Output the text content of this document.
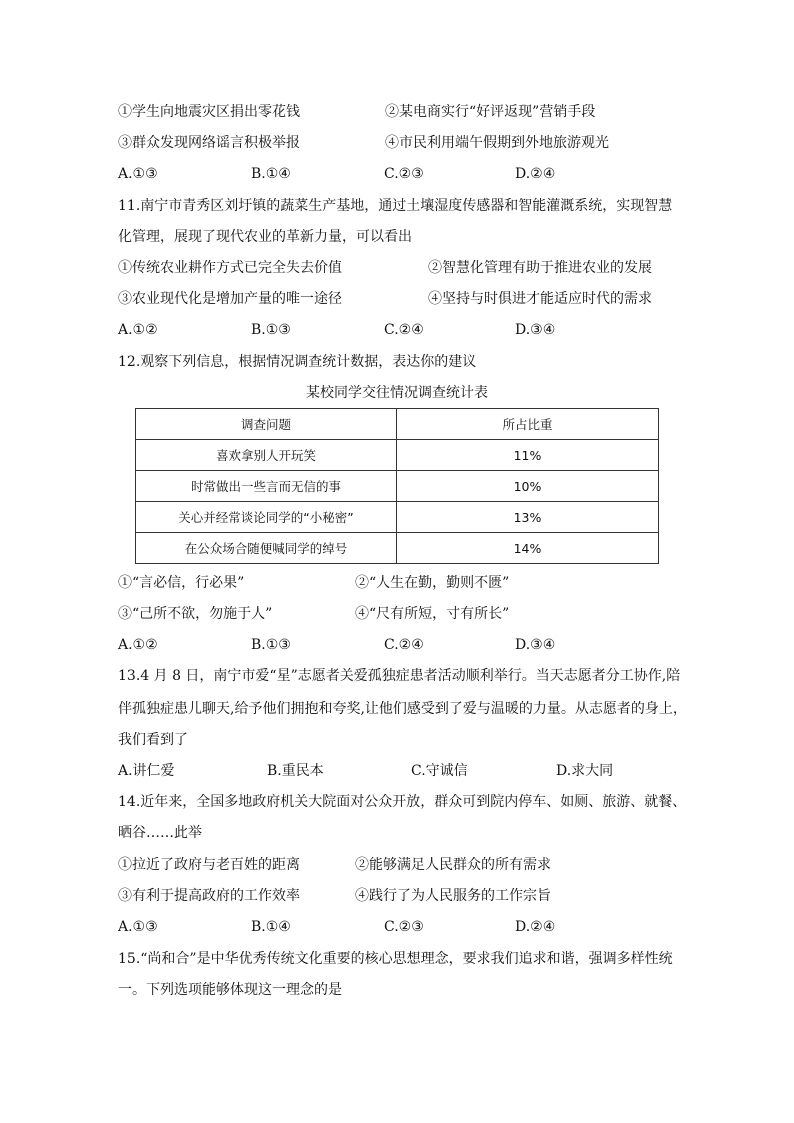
①学生向地震灾区捐出零花钱	②某电商实行“好评返现”营销手段
③群众发现网络谣言积极举报	④市民利用端午假期到外地旅游观光
A.①③	B.①④	C.②③	D.②④
11.南宁市青秀区刘圩镇的蔬菜生产基地，通过土壤湿度传感器和智能灌溉系统，实现智慧
化管理，展现了现代农业的革新力量，可以看出
①传统农业耕作方式已完全失去价值	②智慧化管理有助于推进农业的发展
③农业现代化是增加产量的唯一途径	④坚持与时俱进才能适应时代的需求
A.①②	B.①③	C.②④	D.③④
12.观察下列信息，根据情况调查统计数据，表达你的建议
某校同学交往情况调查统计表
调查问题	所占比重
喜欢拿别人开玩笑	11%
时常做出一些言而无信的事	10%
关心并经常谈论同学的“小秘密”	13%
在公众场合随便喊同学的绰号	14%
①“言必信，行必果”	②“人生在勤，勤则不匮”
③“己所不欲，勿施于人”	④“尺有所短，寸有所长”
A.①②	B.①③	C.②④	D.③④
13.4 月 8 日，南宁市爱“星”志愿者关爱孤独症患者活动顺利举行。当天志愿者分工协作,陪
伴孤独症患儿聊天,给予他们拥抱和夸奖,让他们感受到了爱与温暖的力量。从志愿者的身上，
我们看到了
A.讲仁爱	B.重民本	C.守诚信	D.求大同
14.近年来，全国多地政府机关大院面对公众开放，群众可到院内停车、如厕、旅游、就餐、
晒谷……此举
①拉近了政府与老百姓的距离	②能够满足人民群众的所有需求
③有利于提高政府的工作效率	④践行了为人民服务的工作宗旨
A.①③	B.①④	C.②③	D.②④
15.“尚和合”是中华优秀传统文化重要的核心思想理念，要求我们追求和谐，强调多样性统
一。下列选项能够体现这一理念的是
